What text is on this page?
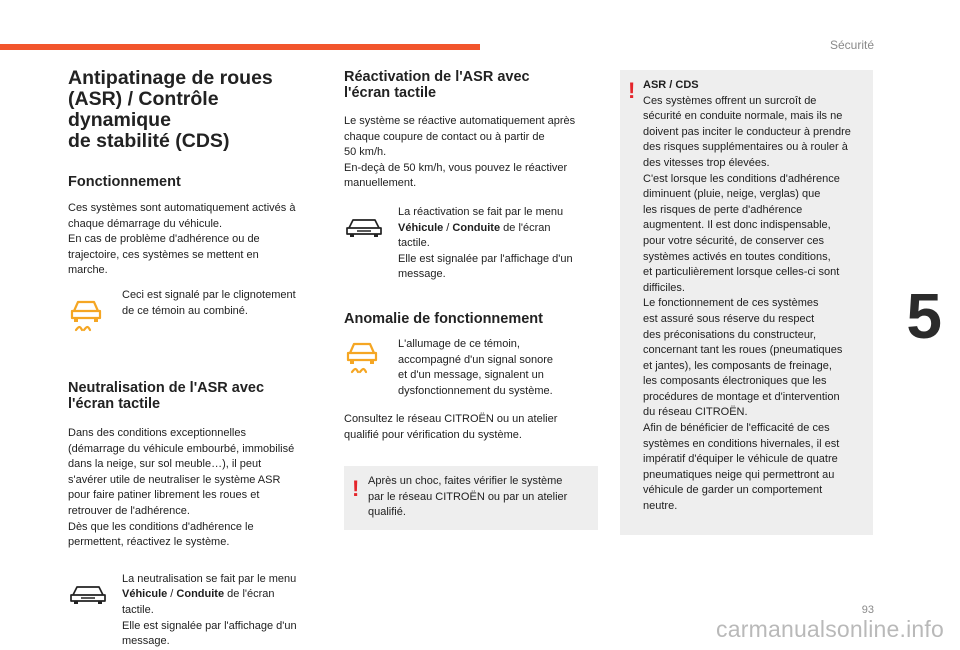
Sécurité
5
Antipatinage de roues
(ASR) / Contrôle dynamique
de stabilité (CDS)
Fonctionnement

Ces systèmes sont automatiquement activés à
chaque démarrage du véhicule.
En cas de problème d'adhérence ou de
trajectoire, ces systèmes se mettent en
marche.

Ceci est signalé par le clignotement
de ce témoin au combiné.

Neutralisation de l'ASR avec
l'écran tactile

Dans des conditions exceptionnelles
(démarrage du véhicule embourbé, immobilisé
dans la neige, sur sol meuble…), il peut
s'avérer utile de neutraliser le système ASR
pour faire patiner librement les roues et
retrouver de l'adhérence.
Dès que les conditions d'adhérence le
permettent, réactivez le système.

La neutralisation se fait par le menu
Véhicule / Conduite de l'écran
tactile.
Elle est signalée par l'affichage d'un
message.

Réactivation de l'ASR avec
l'écran tactile

Le système se réactive automatiquement après
chaque coupure de contact ou à partir de
50 km/h.
En-deçà de 50 km/h, vous pouvez le réactiver
manuellement.

La réactivation se fait par le menu
Véhicule / Conduite de l'écran
tactile.
Elle est signalée par l'affichage d'un
message.

Anomalie de fonctionnement

L'allumage de ce témoin,
accompagné d'un signal sonore
et d'un message, signalent un
dysfonctionnement du système.

Consultez le réseau CITROËN ou un atelier
qualifié pour vérification du système.

! Après un choc, faites vérifier le système
par le réseau CITROËN ou par un atelier
qualifié.

! ASR / CDS

Ces systèmes offrent un surcroît de
sécurité en conduite normale, mais ils ne
doivent pas inciter le conducteur à prendre
des risques supplémentaires ou à rouler à
des vitesses trop élevées.
C'est lorsque les conditions d'adhérence
diminuent (pluie, neige, verglas) que
les risques de perte d'adhérence
augmentent. Il est donc indispensable,
pour votre sécurité, de conserver ces
systèmes activés en toutes conditions,
et particulièrement lorsque celles-ci sont
difficiles.
Le fonctionnement de ces systèmes
est assuré sous réserve du respect
des préconisations du constructeur,
concernant tant les roues (pneumatiques
et jantes), les composants de freinage,
les composants électroniques que les
procédures de montage et d'intervention
du réseau CITROËN.
Afin de bénéficier de l'efficacité de ces
systèmes en conditions hivernales, il est
impératif d'équiper le véhicule de quatre
pneumatiques neige qui permettront au
véhicule de garder un comportement
neutre.

93
carmanualsonline.info
